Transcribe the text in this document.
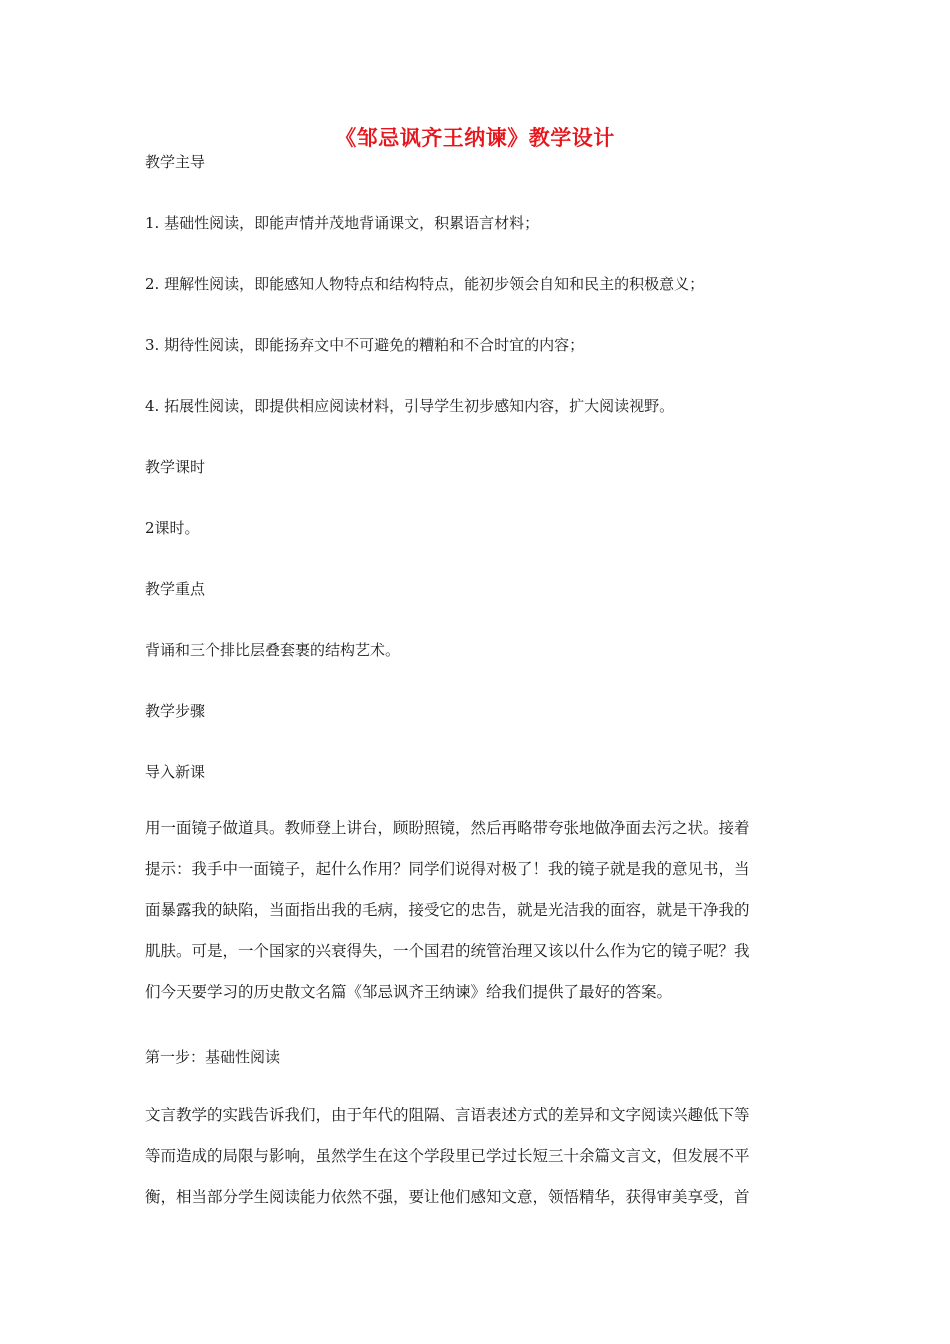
《邹忌讽齐王纳谏》教学设计
教学主导
1. 基础性阅读，即能声情并茂地背诵课文，积累语言材料；
2. 理解性阅读，即能感知人物特点和结构特点，能初步领会自知和民主的积极意义；
3. 期待性阅读，即能扬弃文中不可避免的糟粕和不合时宜的内容；
4. 拓展性阅读，即提供相应阅读材料，引导学生初步感知内容，扩大阅读视野。
教学课时
2课时。
教学重点
背诵和三个排比层叠套裹的结构艺术。
教学步骤
导入新课
用一面镜子做道具。教师登上讲台，顾盼照镜，然后再略带夸张地做净面去污之状。接着
提示：我手中一面镜子，起什么作用？同学们说得对极了！我的镜子就是我的意见书，当
面暴露我的缺陷，当面指出我的毛病，接受它的忠告，就是光洁我的面容，就是干净我的
肌肤。可是，一个国家的兴衰得失，一个国君的统管治理又该以什么作为它的镜子呢？我
们今天要学习的历史散文名篇《邹忌讽齐王纳谏》给我们提供了最好的答案。
第一步：基础性阅读
文言教学的实践告诉我们，由于年代的阻隔、言语表述方式的差异和文字阅读兴趣低下等
等而造成的局限与影响，虽然学生在这个学段里已学过长短三十余篇文言文，但发展不平
衡，相当部分学生阅读能力依然不强，要让他们感知文意，领悟精华，获得审美享受，首
